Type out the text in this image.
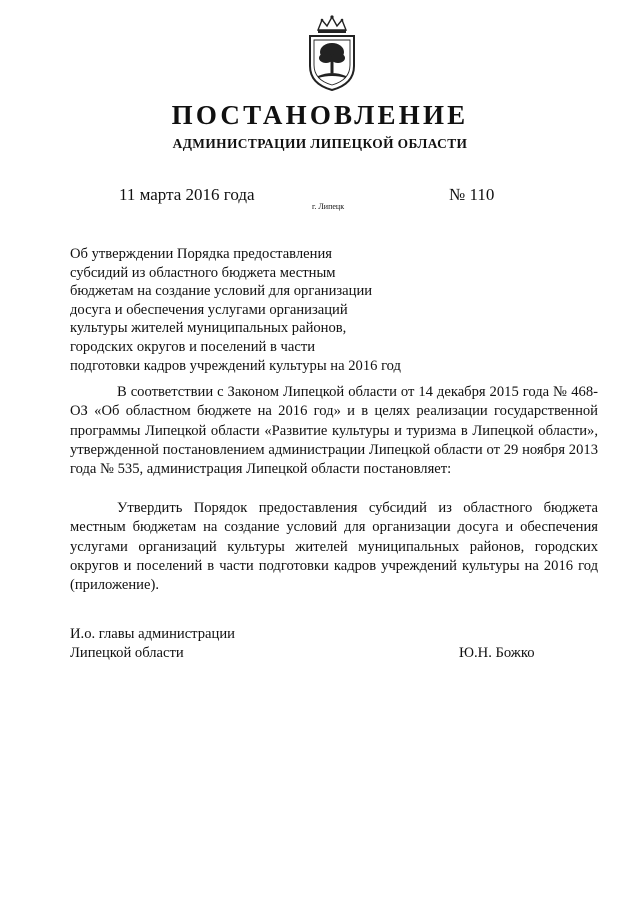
ПОСТАНОВЛЕНИЕ
АДМИНИСТРАЦИИ ЛИПЕЦКОЙ ОБЛАСТИ
11 марта 2016 года
г. Липецк
№ 110
Об утверждении Порядка предоставления
субсидий из областного бюджета местным
бюджетам на создание условий для организации
досуга и обеспечения услугами организаций
культуры жителей муниципальных районов,
городских округов и поселений в части
подготовки кадров учреждений культуры на 2016 год

В соответствии с Законом Липецкой области от 14 декабря 2015 года № 468-ОЗ «Об областном бюджете на 2016 год» и в целях реализации государственной программы Липецкой области «Развитие культуры и туризма в Липецкой области», утвержденной постановлением администрации Липецкой области от 29 ноября 2013 года № 535, администрация Липецкой области постановляет:

Утвердить Порядок предоставления субсидий из областного бюджета местным бюджетам на создание условий для организации досуга и обеспечения услугами организаций культуры жителей муниципальных районов, городских округов и поселений в части подготовки кадров учреждений культуры на 2016 год (приложение).

И.о. главы администрации
Липецкой области	Ю.Н. Божко
